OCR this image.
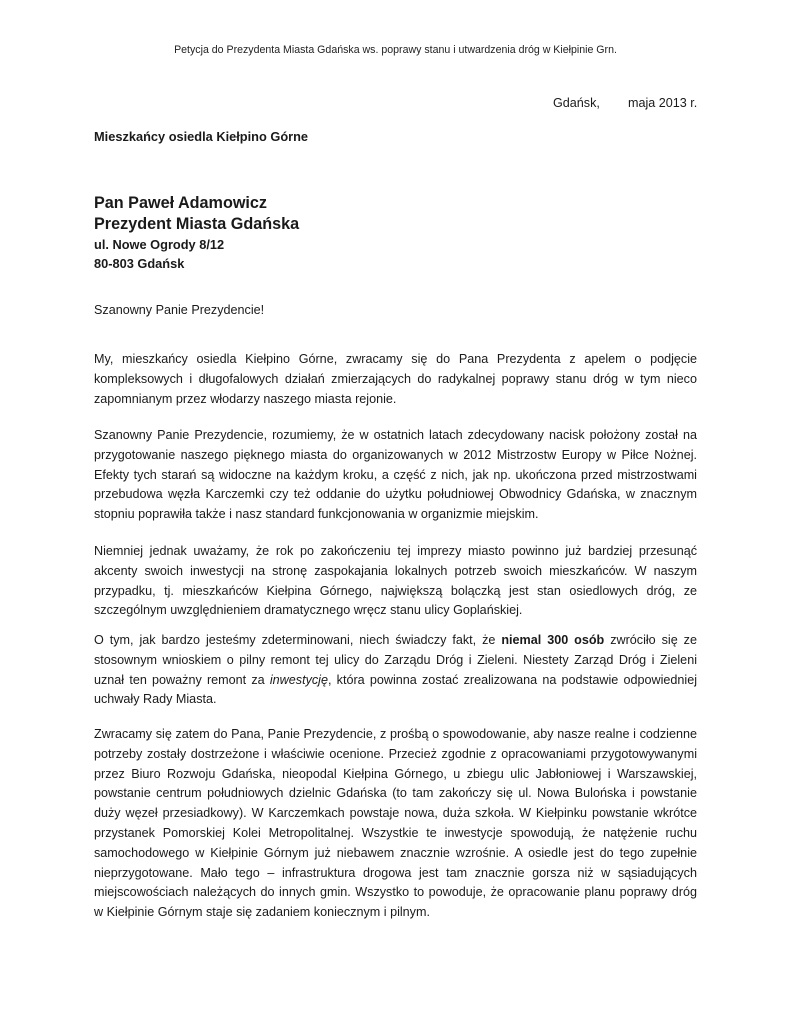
Petycja do Prezydenta Miasta Gdańska ws. poprawy stanu i utwardzenia dróg w Kiełpinie Grn.
Gdańsk, maja 2013 r.
Mieszkańcy osiedla Kiełpino Górne
Pan Paweł Adamowicz
Prezydent Miasta Gdańska
ul. Nowe Ogrody 8/12
80-803 Gdańsk
Szanowny Panie Prezydencie!

My, mieszkańcy osiedla Kiełpino Górne, zwracamy się do Pana Prezydenta z apelem o podjęcie kompleksowych i długofalowych działań zmierzających do radykalnej poprawy stanu dróg w tym nieco zapomnianym przez włodarzy naszego miasta rejonie.

Szanowny Panie Prezydencie, rozumiemy, że w ostatnich latach zdecydowany nacisk położony został na przygotowanie naszego pięknego miasta do organizowanych w 2012 Mistrzostw Europy w Piłce Nożnej. Efekty tych starań są widoczne na każdym kroku, a część z nich, jak np. ukończona przed mistrzostwami przebudowa węzła Karczemki czy też oddanie do użytku południowej Obwodnicy Gdańska, w znacznym stopniu poprawiła także i nasz standard funkcjonowania w organizmie miejskim.

Niemniej jednak uważamy, że rok po zakończeniu tej imprezy miasto powinno już bardziej przesunąć akcenty swoich inwestycji na stronę zaspokajania lokalnych potrzeb swoich mieszkańców. W naszym przypadku, tj. mieszkańców Kiełpina Górnego, największą bolączką jest stan osiedlowych dróg, ze szczególnym uwzględnieniem dramatycznego wręcz stanu ulicy Goplańskiej.

O tym, jak bardzo jesteśmy zdeterminowani, niech świadczy fakt, że niemal 300 osób zwróciło się ze stosownym wnioskiem o pilny remont tej ulicy do Zarządu Dróg i Zieleni. Niestety Zarząd Dróg i Zieleni uznał ten poważny remont za inwestycję, która powinna zostać zrealizowana na podstawie odpowiedniej uchwały Rady Miasta.

Zwracamy się zatem do Pana, Panie Prezydencie, z prośbą o spowodowanie, aby nasze realne i codzienne potrzeby zostały dostrzeżone i właściwie ocenione. Przecież zgodnie z opracowaniami przygotowywanymi przez Biuro Rozwoju Gdańska, nieopodal Kiełpina Górnego, u zbiegu ulic Jabłoniowej i Warszawskiej, powstanie centrum południowych dzielnic Gdańska (to tam zakończy się ul. Nowa Bulońska i powstanie duży węzeł przesiadkowy). W Karczemkach powstaje nowa, duża szkoła. W Kiełpinku powstanie wkrótce przystanek Pomorskiej Kolei Metropolitalnej. Wszystkie te inwestycje spowodują, że natężenie ruchu samochodowego w Kiełpinie Górnym już niebawem znacznie wzrośnie. A osiedle jest do tego zupełnie nieprzygotowane. Mało tego – infrastruktura drogowa jest tam znacznie gorsza niż w sąsiadujących miejscowościach należących do innych gmin. Wszystko to powoduje, że opracowanie planu poprawy dróg w Kiełpinie Górnym staje się zadaniem koniecznym i pilnym.
